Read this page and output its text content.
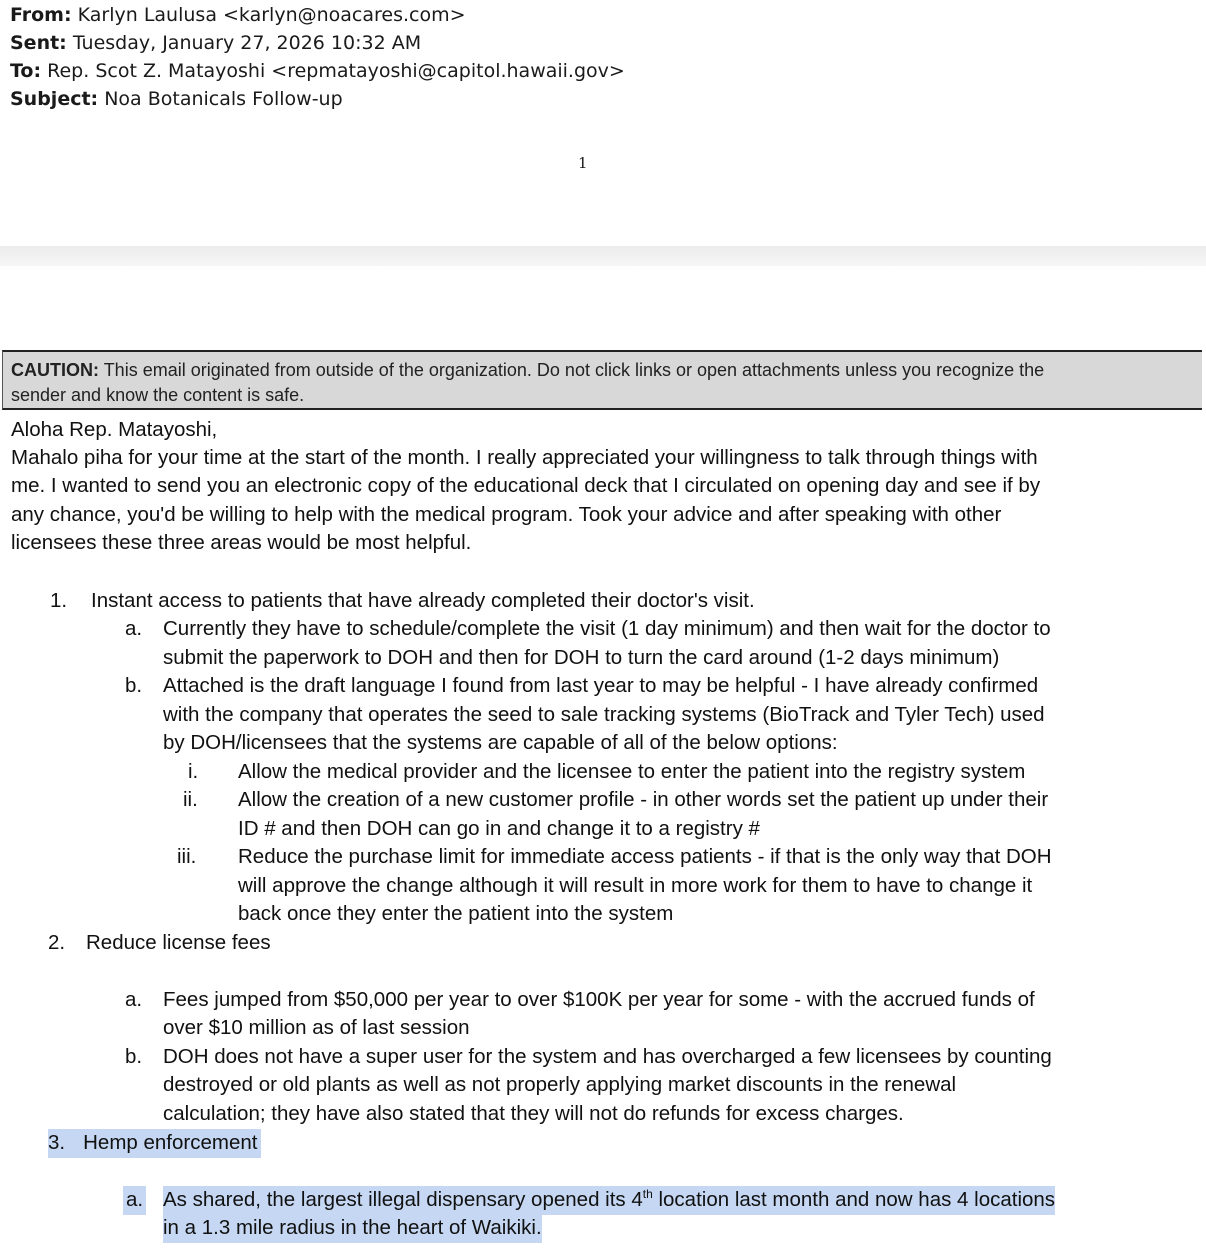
From: Karlyn Laulusa <karlyn@noacares.com>
Sent: Tuesday, January 27, 2026 10:32 AM
To: Rep. Scot Z. Matayoshi <repmatayoshi@capitol.hawaii.gov>
Subject: Noa Botanicals Follow-up
1
CAUTION: This email originated from outside of the organization. Do not click links or open attachments unless you recognize the
sender and know the content is safe.
Aloha Rep. Matayoshi,
Mahalo piha for your time at the start of the month. I really appreciated your willingness to talk through things with
me. I wanted to send you an electronic copy of the educational deck that I circulated on opening day and see if by
any chance, you'd be willing to help with the medical program. Took your advice and after speaking with other
licensees these three areas would be most helpful.
1. Instant access to patients that have already completed their doctor's visit.
a. Currently they have to schedule/complete the visit (1 day minimum) and then wait for the doctor to
submit the paperwork to DOH and then for DOH to turn the card around (1-2 days minimum)
b. Attached is the draft language I found from last year to may be helpful - I have already confirmed
with the company that operates the seed to sale tracking systems (BioTrack and Tyler Tech) used
by DOH/licensees that the systems are capable of all of the below options:
i. Allow the medical provider and the licensee to enter the patient into the registry system
ii. Allow the creation of a new customer profile - in other words set the patient up under their
ID # and then DOH can go in and change it to a registry #
iii. Reduce the purchase limit for immediate access patients - if that is the only way that DOH
will approve the change although it will result in more work for them to have to change it
back once they enter the patient into the system
2. Reduce license fees
a. Fees jumped from $50,000 per year to over $100K per year for some - with the accrued funds of
over $10 million as of last session
b. DOH does not have a super user for the system and has overcharged a few licensees by counting
destroyed or old plants as well as not properly applying market discounts in the renewal
calculation; they have also stated that they will not do refunds for excess charges.
3. Hemp enforcement
a. As shared, the largest illegal dispensary opened its 4th location last month and now has 4 locations
in a 1.3 mile radius in the heart of Waikiki.
